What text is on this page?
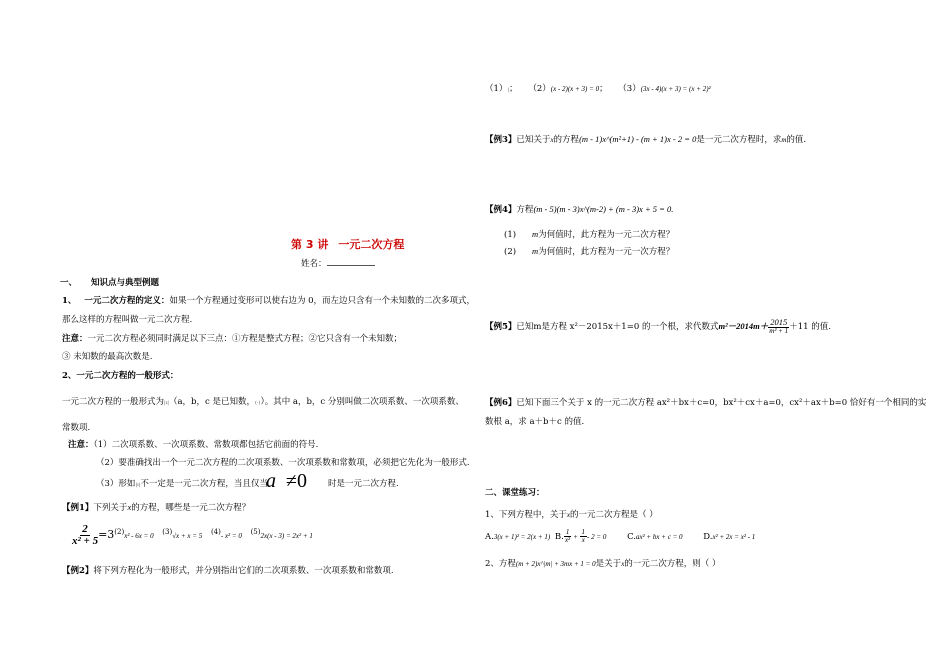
（1）|； （2）(x - 2)(x + 3) = 0； （3）(3x - 4)(x + 3) = (x + 2)²
【例3】已知关于x的方程(m - 1)x^(m²+1) - (m + 1)x - 2 = 0是一元二次方程时，求m的值.
【例4】方程(m - 5)(m - 3)x^(m-2) + (m - 3)x + 5 = 0.
(1) m为何值时，此方程为一元二次方程？
(2) m为何值时，此方程为一元一次方程？
【例5】已知m是方程 x²－2015x＋1=0 的一个根，求代数式$m^2-2014m+ \frac{2015}{\text{m² + 1}} +11$ 的值.
【例6】已知下面三个关于 x 的一元二次方程 ax²＋bx＋c=0，bx²＋cx＋a=0，cx²＋ax＋b=0 恰好有一个相同的实
数根 a，求 a＋b＋c 的值.
二、课堂练习：
1、下列方程中，关于x的一元二次方程是（ ）
A.3(x + 1)² = 2(x + 1) B. $\frac{1}{\text{x²}} + \frac{1}{x} - 2 = 0$ C.ax² + bx + c = 0 D.x² + 2x = x² - 1
2、方程(m + 2)x^|m| + 3mx + 1 = 0是关于x的一元二次方程，则（ ）
第 3 讲 一元二次方程
姓名：
一、 知识点与典型例题
1、 一元二次方程的定义：如果一个方程通过变形可以使右边为 0，而左边只含有一个未知数的二次多项式，
那么这样的方程叫做一元二次方程.
注意：一元二次方程必须同时满足以下三点：①方程是整式方程；②它只含有一个未知数；
③ 未知数的最高次数是.
2、一元二次方程的一般形式：
一元二次方程的一般形式为|ı|（a，b，c 是已知数，(·)）。其中 a，b，c 分别叫做二次项系数、一次项系数、
常数项.
注意：（1）二次项系数、一次项系数、常数项都包括它前面的符号.
（2）要准确找出一个一元二次方程的二次项系数、一次项系数和常数项，必须把它先化为一般形式.
（3）形如|ı|不一定是一元二次方程，当且仅当
a ≠0 时是一元二次方程.
【例1】下列关于x的方程，哪些是一元二次方程？
$\frac{2}{\text{x² + 5}} =3^{(2)}x^2 - 6x = 0$ $^{(3)}$√x + x = 5 $^{(4)}$- x² = 0 $^{(5)}$2x(x - 3) = 2x² + 1
【例2】将下列方程化为一般形式，并分别指出它们的二次项系数、一次项系数和常数项.
